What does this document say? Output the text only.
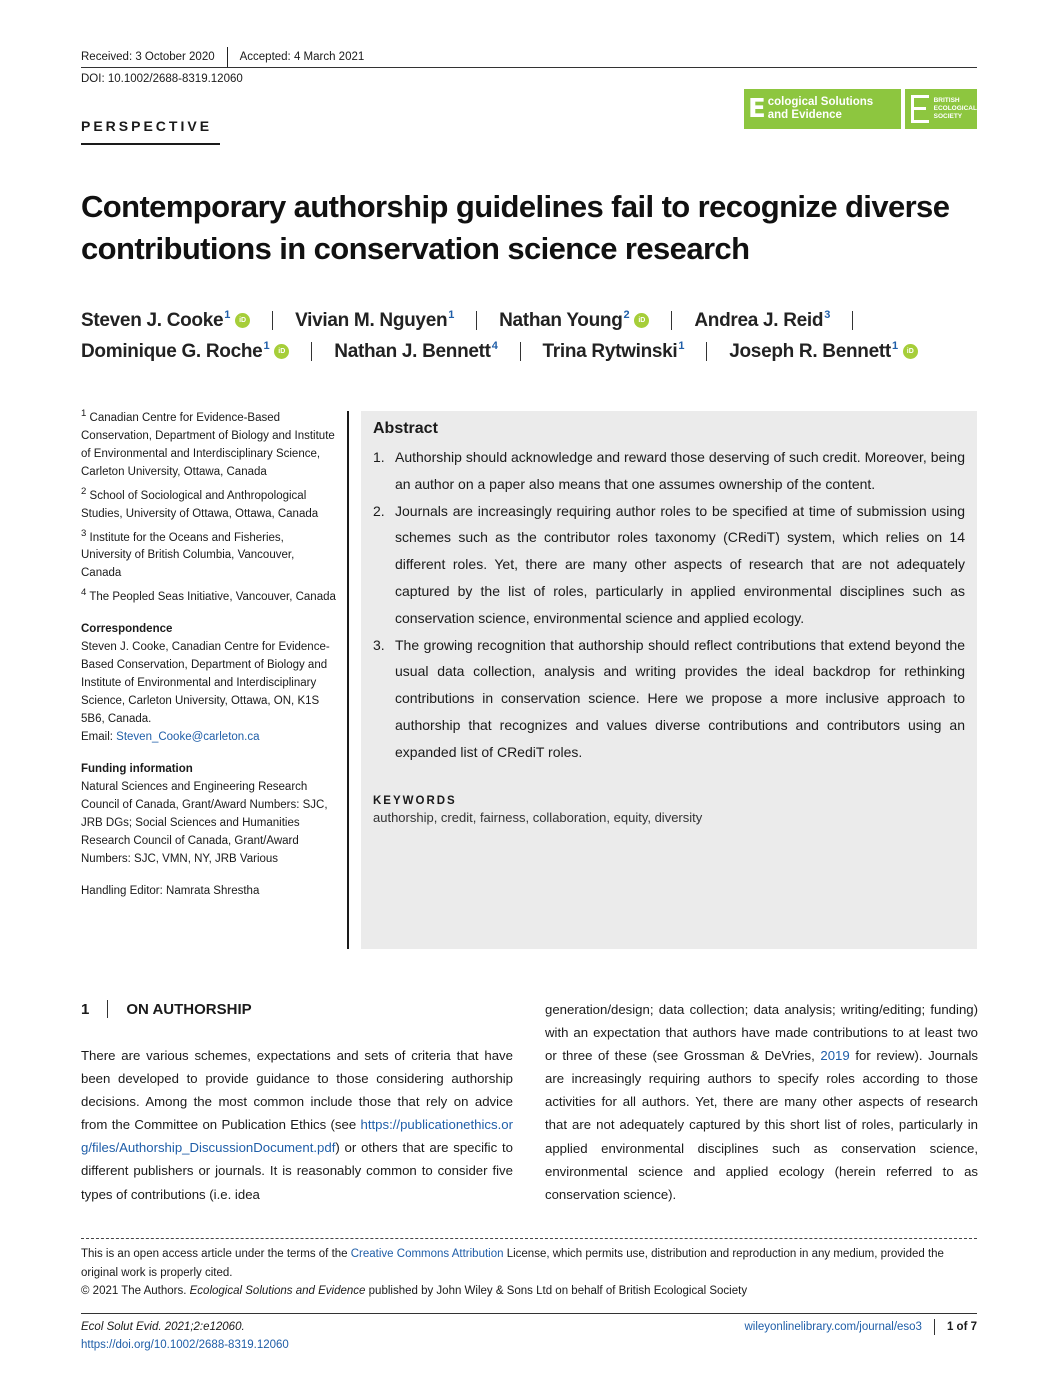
Received: 3 October 2020 Accepted: 4 March 2021
DOI: 10.1002/2688-8319.12060
PERSPECTIVE
E cological Solutions
and Evidence
BRITISH
ECOLOGICAL
SOCIETY
Contemporary authorship guidelines fail to recognize diverse contributions in conservation science research
Steven J. Cooke$^1$	iD	Vivian M. Nguyen$^1$ Nathan Young$^2$	iD	Andrea J. Reid$^3$
Dominique G. Roche$^1$	iD	Nathan J. Bennett$^4$ Trina Rytwinski$^1$ Joseph R. Bennett$^1$	iD

$^1$ Canadian Centre for Evidence-Based Conservation, Department of Biology and Institute of Environmental and Interdisciplinary Science, Carleton University, Ottawa, Canada

$^2$ School of Sociological and Anthropological Studies, University of Ottawa, Ottawa, Canada

$^3$ Institute for the Oceans and Fisheries, University of British Columbia, Vancouver, Canada

$^4$ The Peopled Seas Initiative, Vancouver, Canada

Correspondence
Steven J. Cooke, Canadian Centre for Evidence-Based Conservation, Department of Biology and Institute of Environmental and Interdisciplinary Science, Carleton University, Ottawa, ON, K1S 5B6, Canada.
Email: Steven_Cooke@carleton.ca
Funding information
Natural Sciences and Engineering Research Council of Canada, Grant/Award Numbers: SJC, JRB DGs; Social Sciences and Humanities Research Council of Canada, Grant/Award Numbers: SJC, VMN, NY, JRB Various
Handling Editor: Namrata Shrestha
Abstract
1. Authorship should acknowledge and reward those deserving of such credit. Moreover, being an author on a paper also means that one assumes ownership of the content.
2. Journals are increasingly requiring author roles to be specified at time of submission using schemes such as the contributor roles taxonomy (CRediT) system, which relies on 14 different roles. Yet, there are many other aspects of research that are not adequately captured by the list of roles, particularly in applied environmental disciplines such as conservation science, environmental science and applied ecology.
3. The growing recognition that authorship should reflect contributions that extend beyond the usual data collection, analysis and writing provides the ideal backdrop for rethinking contributions in conservation science. Here we propose a more inclusive approach to authorship that recognizes and values diverse contributions and contributors using an expanded list of CRediT roles.
KEYWORDS
authorship, credit, fairness, collaboration, equity, diversity
1 ON AUTHORSHIP
There are various schemes, expectations and sets of criteria that have been developed to provide guidance to those considering authorship decisions. Among the most common include those that rely on advice from the Committee on Publication Ethics (see https://publicationethics.org/files/Authorship_DiscussionDocument.pdf) or others that are specific to different publishers or journals. It is reasonably common to consider five types of contributions (i.e. idea
generation/design; data collection; data analysis; writing/editing; funding) with an expectation that authors have made contributions to at least two or three of these (see Grossman & DeVries, 2019 for review). Journals are increasingly requiring authors to specify roles according to those activities for all authors. Yet, there are many other aspects of research that are not adequately captured by this short list of roles, particularly in applied environmental disciplines such as conservation science, environmental science and applied ecology (herein referred to as conservation science).
This is an open access article under the terms of the Creative Commons Attribution License, which permits use, distribution and reproduction in any medium, provided the original work is properly cited.
© 2021 The Authors. Ecological Solutions and Evidence published by John Wiley & Sons Ltd on behalf of British Ecological Society
Ecol Solut Evid. 2021;2:e12060.
https://doi.org/10.1002/2688-8319.12060
wileyonlinelibrary.com/journal/eso3 1 of 7
